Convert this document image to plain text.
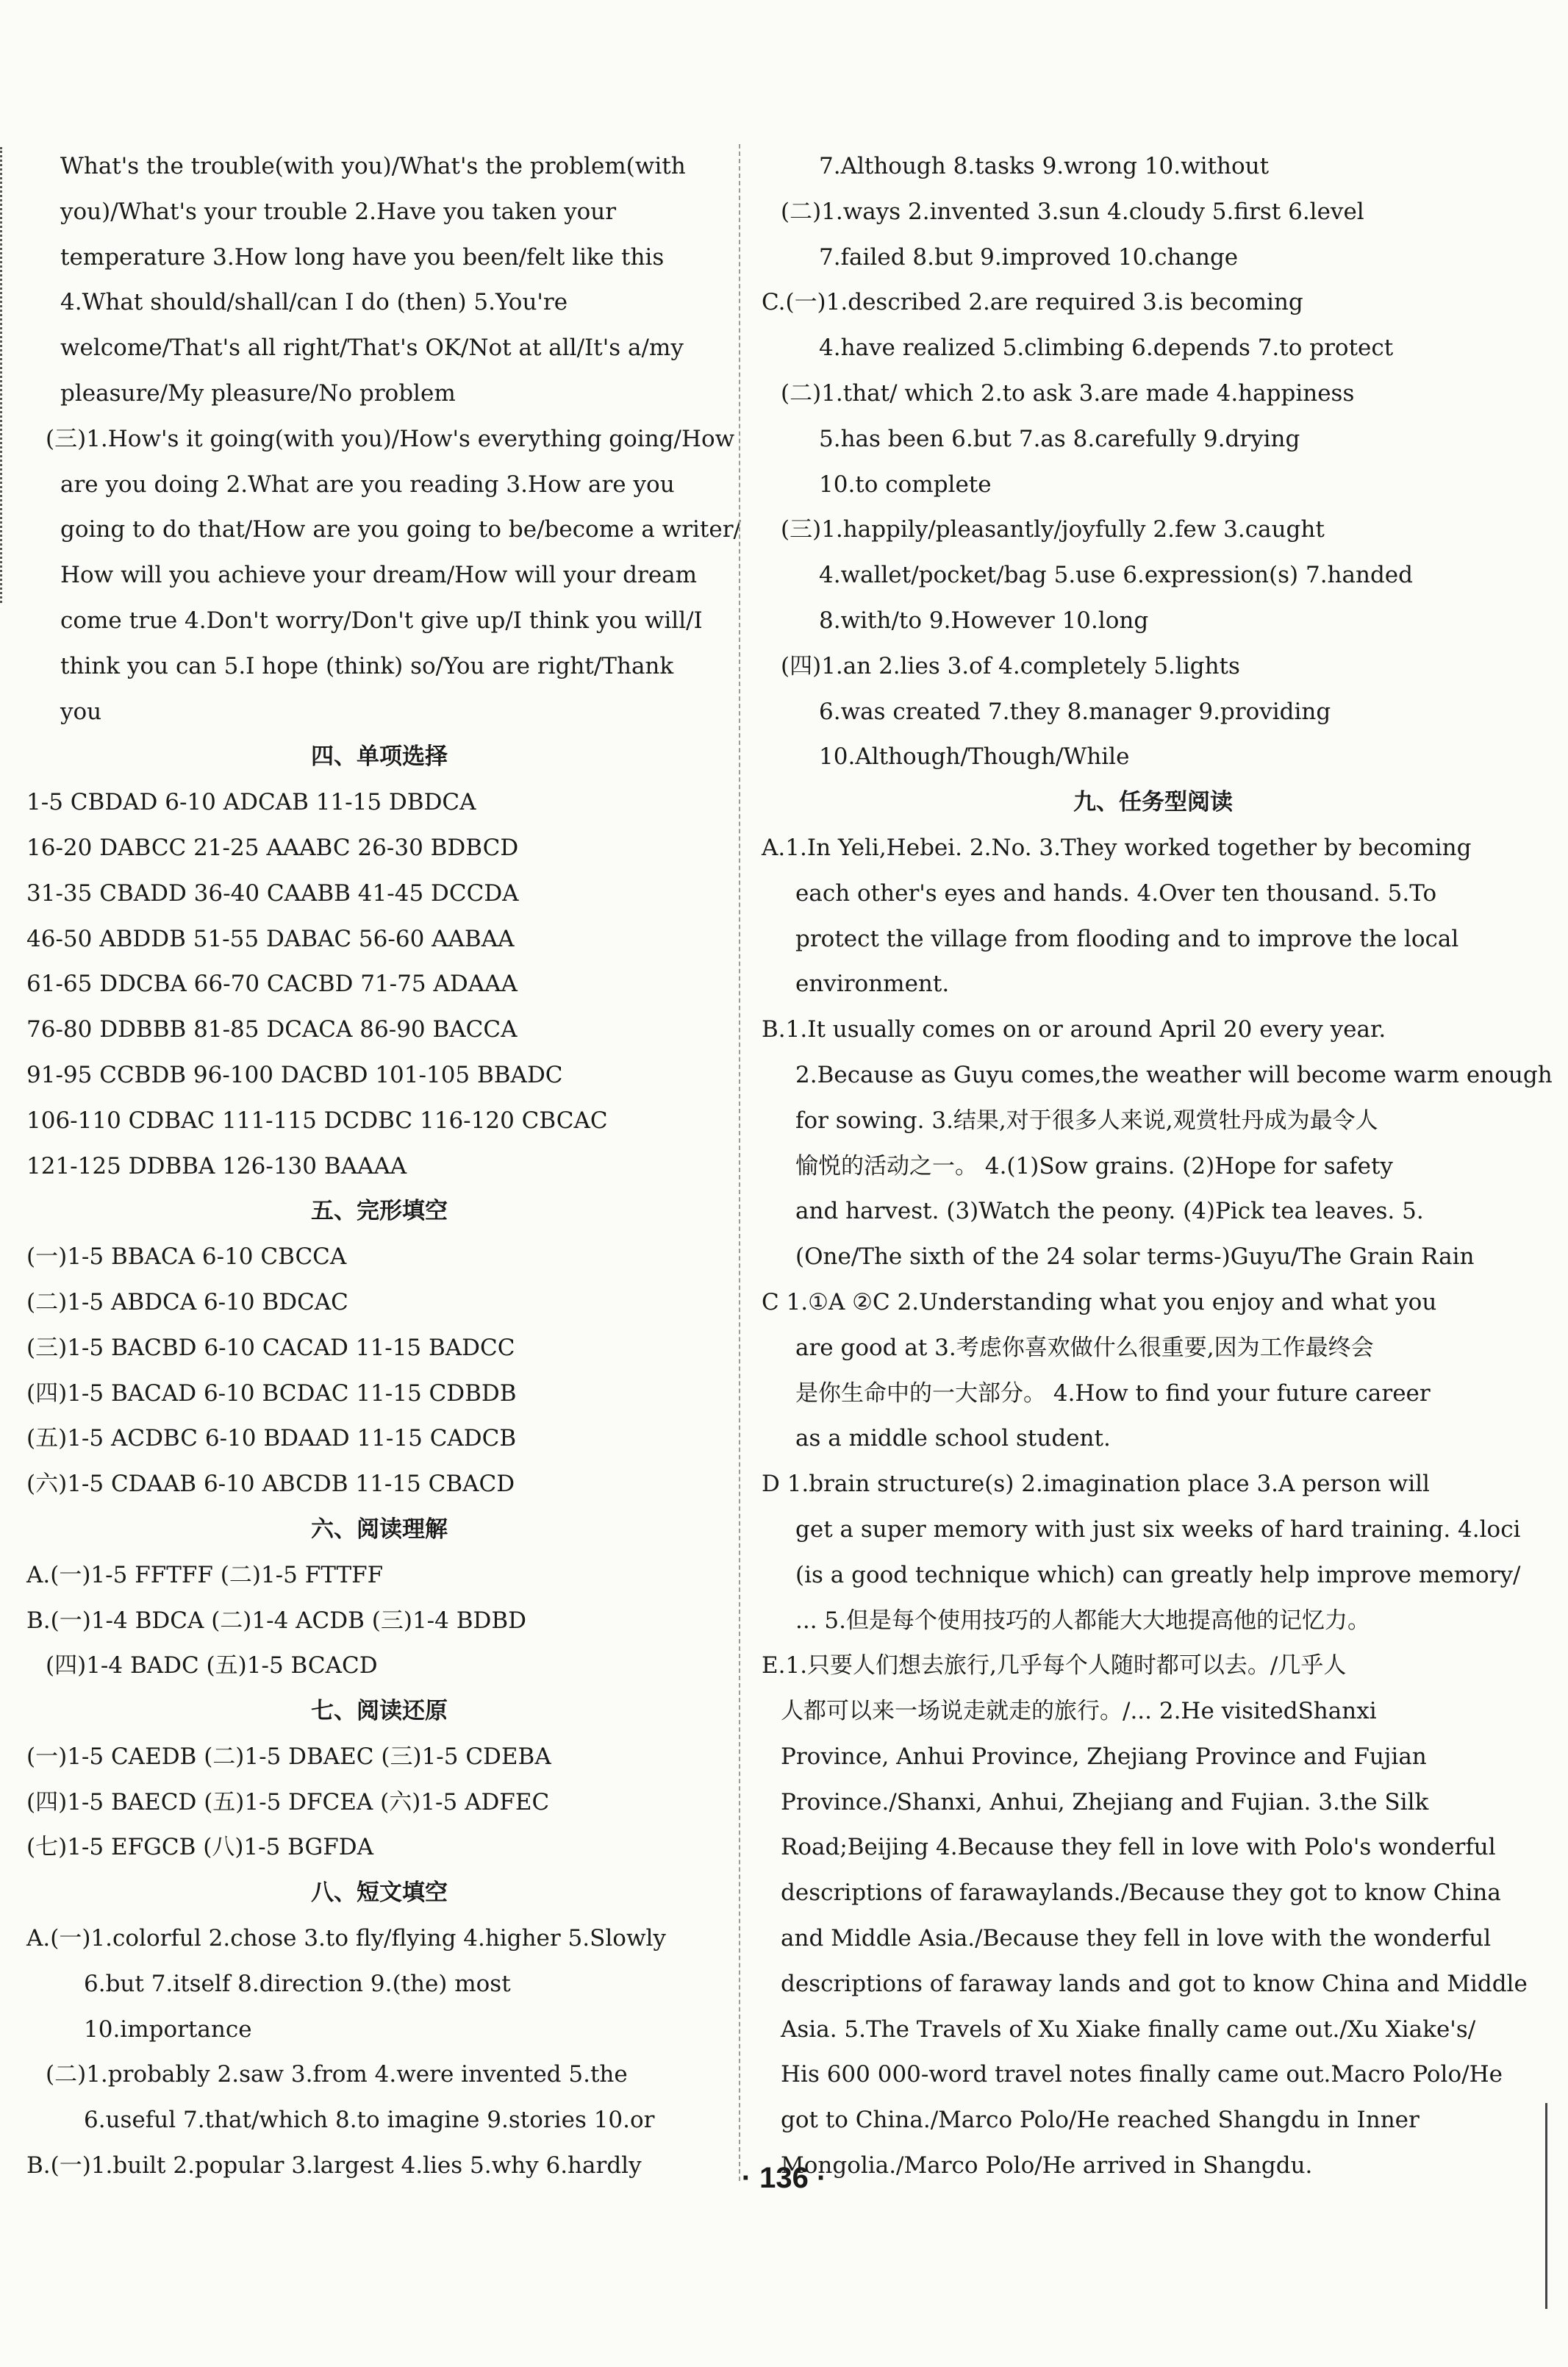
What's the trouble(with you)/What's the problem(with
you)/What's your trouble 2.Have you taken your
temperature 3.How long have you been/felt like this
4.What should/shall/can I do (then) 5.You're
welcome/That's all right/That's OK/Not at all/It's a/my
pleasure/My pleasure/No problem
(三)1.How's it going(with you)/How's everything going/How
are you doing 2.What are you reading 3.How are you
going to do that/How are you going to be/become a writer/
How will you achieve your dream/How will your dream
come true 4.Don't worry/Don't give up/I think you will/I
think you can 5.I hope (think) so/You are right/Thank
you
四、单项选择
1-5 CBDAD 6-10 ADCAB 11-15 DBDCA
16-20 DABCC 21-25 AAABC 26-30 BDBCD
31-35 CBADD 36-40 CAABB 41-45 DCCDA
46-50 ABDDB 51-55 DABAC 56-60 AABAA
61-65 DDCBA 66-70 CACBD 71-75 ADAAA
76-80 DDBBB 81-85 DCACA 86-90 BACCA
91-95 CCBDB 96-100 DACBD 101-105 BBADC
106-110 CDBAC 111-115 DCDBC 116-120 CBCAC
121-125 DDBBA 126-130 BAAAA
五、完形填空
(一)1-5 BBACA 6-10 CBCCA
(二)1-5 ABDCA 6-10 BDCAC
(三)1-5 BACBD 6-10 CACAD 11-15 BADCC
(四)1-5 BACAD 6-10 BCDAC 11-15 CDBDB
(五)1-5 ACDBC 6-10 BDAAD 11-15 CADCB
(六)1-5 CDAAB 6-10 ABCDB 11-15 CBACD
六、阅读理解
A.(一)1-5 FFTFF (二)1-5 FTTFF
B.(一)1-4 BDCA (二)1-4 ACDB (三)1-4 BDBD
(四)1-4 BADC (五)1-5 BCACD
七、阅读还原
(一)1-5 CAEDB (二)1-5 DBAEC (三)1-5 CDEBA
(四)1-5 BAECD (五)1-5 DFCEA (六)1-5 ADFEC
(七)1-5 EFGCB (八)1-5 BGFDA
八、短文填空
A.(一)1.colorful 2.chose 3.to fly/flying 4.higher 5.Slowly
6.but 7.itself 8.direction 9.(the) most
10.importance
(二)1.probably 2.saw 3.from 4.were invented 5.the
6.useful 7.that/which 8.to imagine 9.stories 10.or
B.(一)1.built 2.popular 3.largest 4.lies 5.why 6.hardly
7.Although 8.tasks 9.wrong 10.without
(二)1.ways 2.invented 3.sun 4.cloudy 5.first 6.level
7.failed 8.but 9.improved 10.change
C.(一)1.described 2.are required 3.is becoming
4.have realized 5.climbing 6.depends 7.to protect
(二)1.that/ which 2.to ask 3.are made 4.happiness
5.has been 6.but 7.as 8.carefully 9.drying
10.to complete
(三)1.happily/pleasantly/joyfully 2.few 3.caught
4.wallet/pocket/bag 5.use 6.expression(s) 7.handed
8.with/to 9.However 10.long
(四)1.an 2.lies 3.of 4.completely 5.lights
6.was created 7.they 8.manager 9.providing
10.Although/Though/While
九、任务型阅读
A.1.In Yeli,Hebei. 2.No. 3.They worked together by becoming
each other's eyes and hands. 4.Over ten thousand. 5.To
protect the village from flooding and to improve the local
environment.
B.1.It usually comes on or around April 20 every year.
2.Because as Guyu comes,the weather will become warm enough
for sowing. 3.结果,对于很多人来说,观赏牡丹成为最令人
愉悦的活动之一。 4.(1)Sow grains. (2)Hope for safety
and harvest. (3)Watch the peony. (4)Pick tea leaves. 5.
(One/The sixth of the 24 solar terms-)Guyu/The Grain Rain
C 1.①A ②C 2.Understanding what you enjoy and what you
are good at 3.考虑你喜欢做什么很重要,因为工作最终会
是你生命中的一大部分。 4.How to find your future career
as a middle school student.
D 1.brain structure(s) 2.imagination place 3.A person will
get a super memory with just six weeks of hard training. 4.loci
(is a good technique which) can greatly help improve memory/
... 5.但是每个使用技巧的人都能大大地提高他的记忆力。
E.1.只要人们想去旅行,几乎每个人随时都可以去。/几乎人
人都可以来一场说走就走的旅行。/... 2.He visitedShanxi
Province, Anhui Province, Zhejiang Province and Fujian
Province./Shanxi, Anhui, Zhejiang and Fujian. 3.the Silk
Road;Beijing 4.Because they fell in love with Polo's wonderful
descriptions of farawaylands./Because they got to know China
and Middle Asia./Because they fell in love with the wonderful
descriptions of faraway lands and got to know China and Middle
Asia. 5.The Travels of Xu Xiake finally came out./Xu Xiake's/
His 600 000-word travel notes finally came out.Macro Polo/He
got to China./Marco Polo/He reached Shangdu in Inner
Mongolia./Marco Polo/He arrived in Shangdu.
· 136 ·
